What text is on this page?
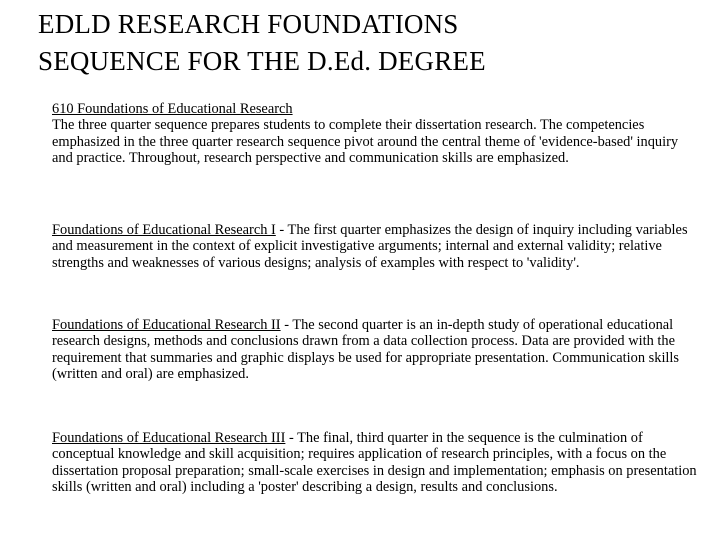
EDLD RESEARCH FOUNDATIONS
SEQUENCE FOR THE D.Ed. DEGREE

610 Foundations of Educational Research
The three quarter sequence prepares students to complete their dissertation research. The competencies emphasized in the three quarter research sequence pivot around the central theme of 'evidence-based' inquiry and practice. Throughout, research perspective and communication skills are emphasized.

Foundations of Educational Research I - The first quarter emphasizes the design of inquiry including variables and measurement in the context of explicit investigative arguments; internal and external validity; relative strengths and weaknesses of various designs; analysis of examples with respect to 'validity'.

Foundations of Educational Research II - The second quarter is an in-depth study of operational educational research designs, methods and conclusions drawn from a data collection process. Data are provided with the requirement that summaries and graphic displays be used for appropriate presentation. Communication skills (written and oral) are emphasized.

Foundations of Educational Research III - The final, third quarter in the sequence is the culmination of conceptual knowledge and skill acquisition; requires application of research principles, with a focus on the dissertation proposal preparation; small-scale exercises in design and implementation; emphasis on presentation skills (written and oral) including a 'poster' describing a design, results and conclusions.
